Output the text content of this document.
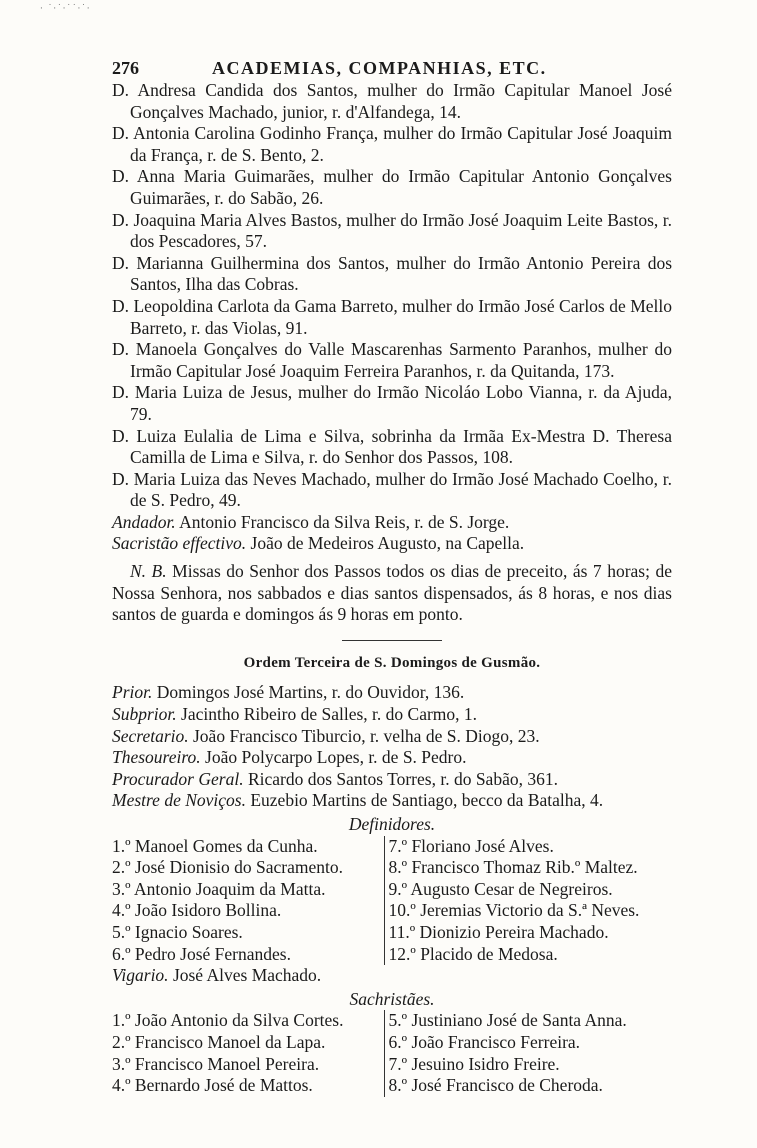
· ˙·˙·˙˙·˙·
276	ACADEMIAS, COMPANHIAS, ETC.

D. Andresa Candida dos Santos, mulher do Irmão Capitular Manoel José Gonçalves Machado, junior, r. d'Alfandega, 14.

D. Antonia Carolina Godinho França, mulher do Irmão Capitular José Joaquim da França, r. de S. Bento, 2.

D. Anna Maria Guimarães, mulher do Irmão Capitular Antonio Gonçalves Guimarães, r. do Sabão, 26.

D. Joaquina Maria Alves Bastos, mulher do Irmão José Joaquim Leite Bastos, r. dos Pescadores, 57.

D. Marianna Guilhermina dos Santos, mulher do Irmão Antonio Pereira dos Santos, Ilha das Cobras.

D. Leopoldina Carlota da Gama Barreto, mulher do Irmão José Carlos de Mello Barreto, r. das Violas, 91.

D. Manoela Gonçalves do Valle Mascarenhas Sarmento Paranhos, mulher do Irmão Capitular José Joaquim Ferreira Paranhos, r. da Quitanda, 173.

D. Maria Luiza de Jesus, mulher do Irmão Nicoláo Lobo Vianna, r. da Ajuda, 79.

D. Luiza Eulalia de Lima e Silva, sobrinha da Irmãa Ex-Mestra D. Theresa Camilla de Lima e Silva, r. do Senhor dos Passos, 108.

D. Maria Luiza das Neves Machado, mulher do Irmão José Machado Coelho, r. de S. Pedro, 49.

Andador. Antonio Francisco da Silva Reis, r. de S. Jorge.

Sacristão effectivo. João de Medeiros Augusto, na Capella.

N. B. Missas do Senhor dos Passos todos os dias de preceito, ás 7 horas; de Nossa Senhora, nos sabbados e dias santos dispensados, ás 8 horas, e nos dias santos de guarda e domingos ás 9 horas em ponto.

Ordem Terceira de S. Domingos de Gusmão.

Prior. Domingos José Martins, r. do Ouvidor, 136.

Subprior. Jacintho Ribeiro de Salles, r. do Carmo, 1.

Secretario. João Francisco Tiburcio, r. velha de S. Diogo, 23.

Thesoureiro. João Polycarpo Lopes, r. de S. Pedro.

Procurador Geral. Ricardo dos Santos Torres, r. do Sabão, 361.

Mestre de Noviços. Euzebio Martins de Santiago, becco da Batalha, 4.

Definidores.

1.º Manoel Gomes da Cunha.
2.º José Dionisio do Sacramento.
3.º Antonio Joaquim da Matta.
4.º João Isidoro Bollina.
5.º Ignacio Soares.
6.º Pedro José Fernandes.
7.º Floriano José Alves.
8.º Francisco Thomaz Rib.º Maltez.
9.º Augusto Cesar de Negreiros.
10.º Jeremias Victorio da S.ª Neves.
11.º Dionizio Pereira Machado.
12.º Placido de Medosa.

Vigario. José Alves Machado.

Sachristães.

1.º João Antonio da Silva Cortes.
2.º Francisco Manoel da Lapa.
3.º Francisco Manoel Pereira.
4.º Bernardo José de Mattos.
5.º Justiniano José de Santa Anna.
6.º João Francisco Ferreira.
7.º Jesuino Isidro Freire.
8.º José Francisco de Cheroda.
